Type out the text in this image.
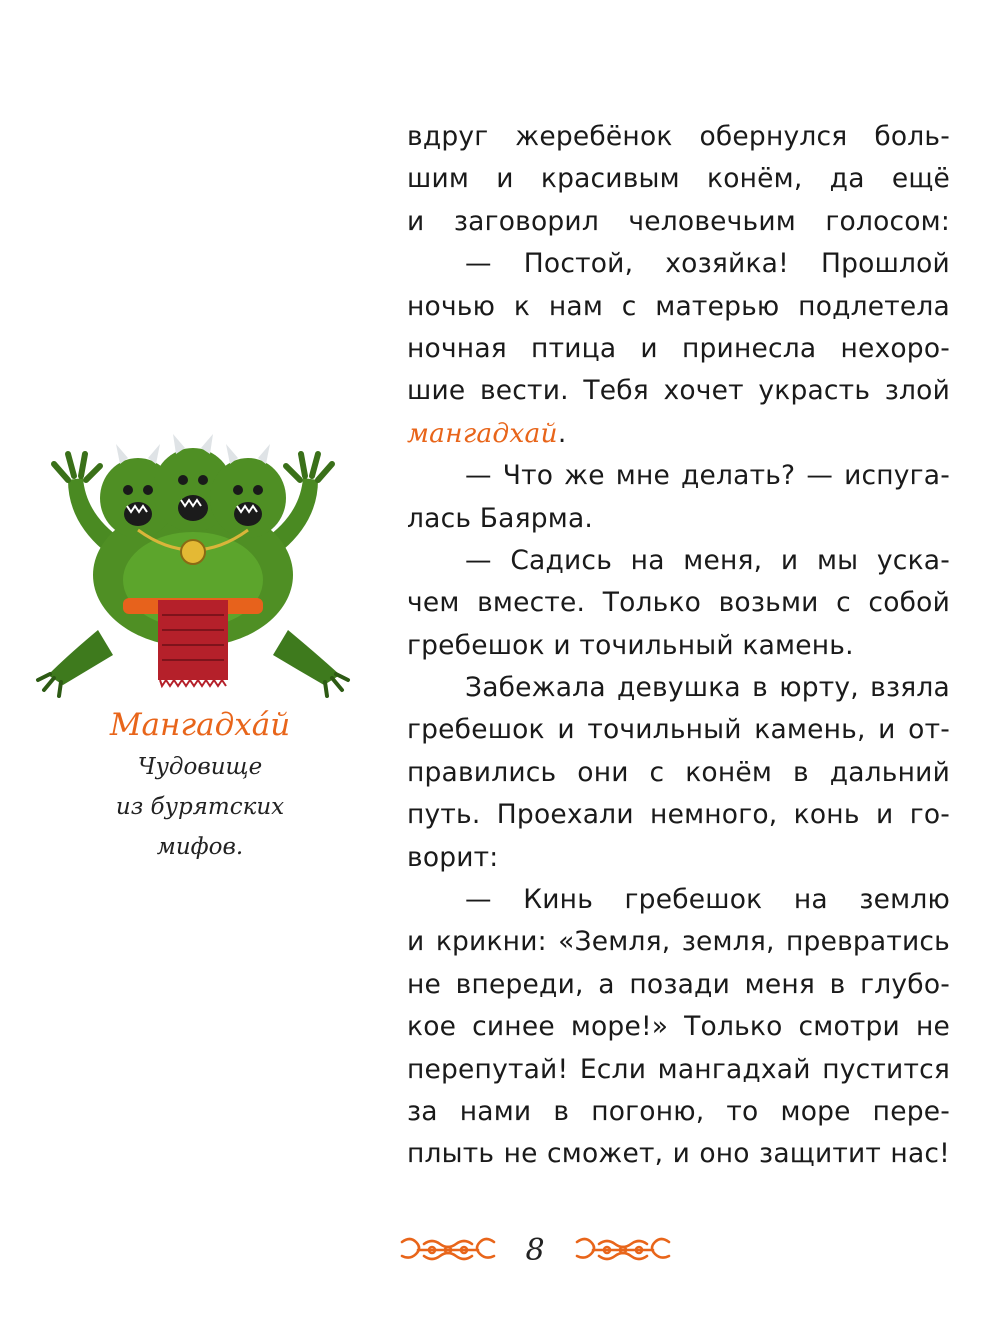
Мангадха́й
Чудовище
из бурятских
мифов.
вдруг жеребёнок обернулся боль-
шим и красивым конём, да ещё
и заговорил человечьим голосом:
— Постой, хозяйка! Прошлой
ночью к нам с матерью подлетела
ночная птица и принесла нехоро-
шие вести. Тебя хочет украсть злой
мангадхай.
— Что же мне делать? — испуга-
лась Баярма.
— Садись на меня, и мы уска-
чем вместе. Только возьми с собой
гребешок и точильный камень.
Забежала девушка в юрту, взяла
гребешок и точильный камень, и от-
правились они с конём в дальний
путь. Проехали немного, конь и го-
ворит:
— Кинь гребешок на землю
и крикни: «Земля, земля, превратись
не впереди, а позади меня в глубо-
кое синее море!» Только смотри не
перепутай! Если мангадхай пустится
за нами в погоню, то море пере-
плыть не сможет, и оно защитит нас!
8
